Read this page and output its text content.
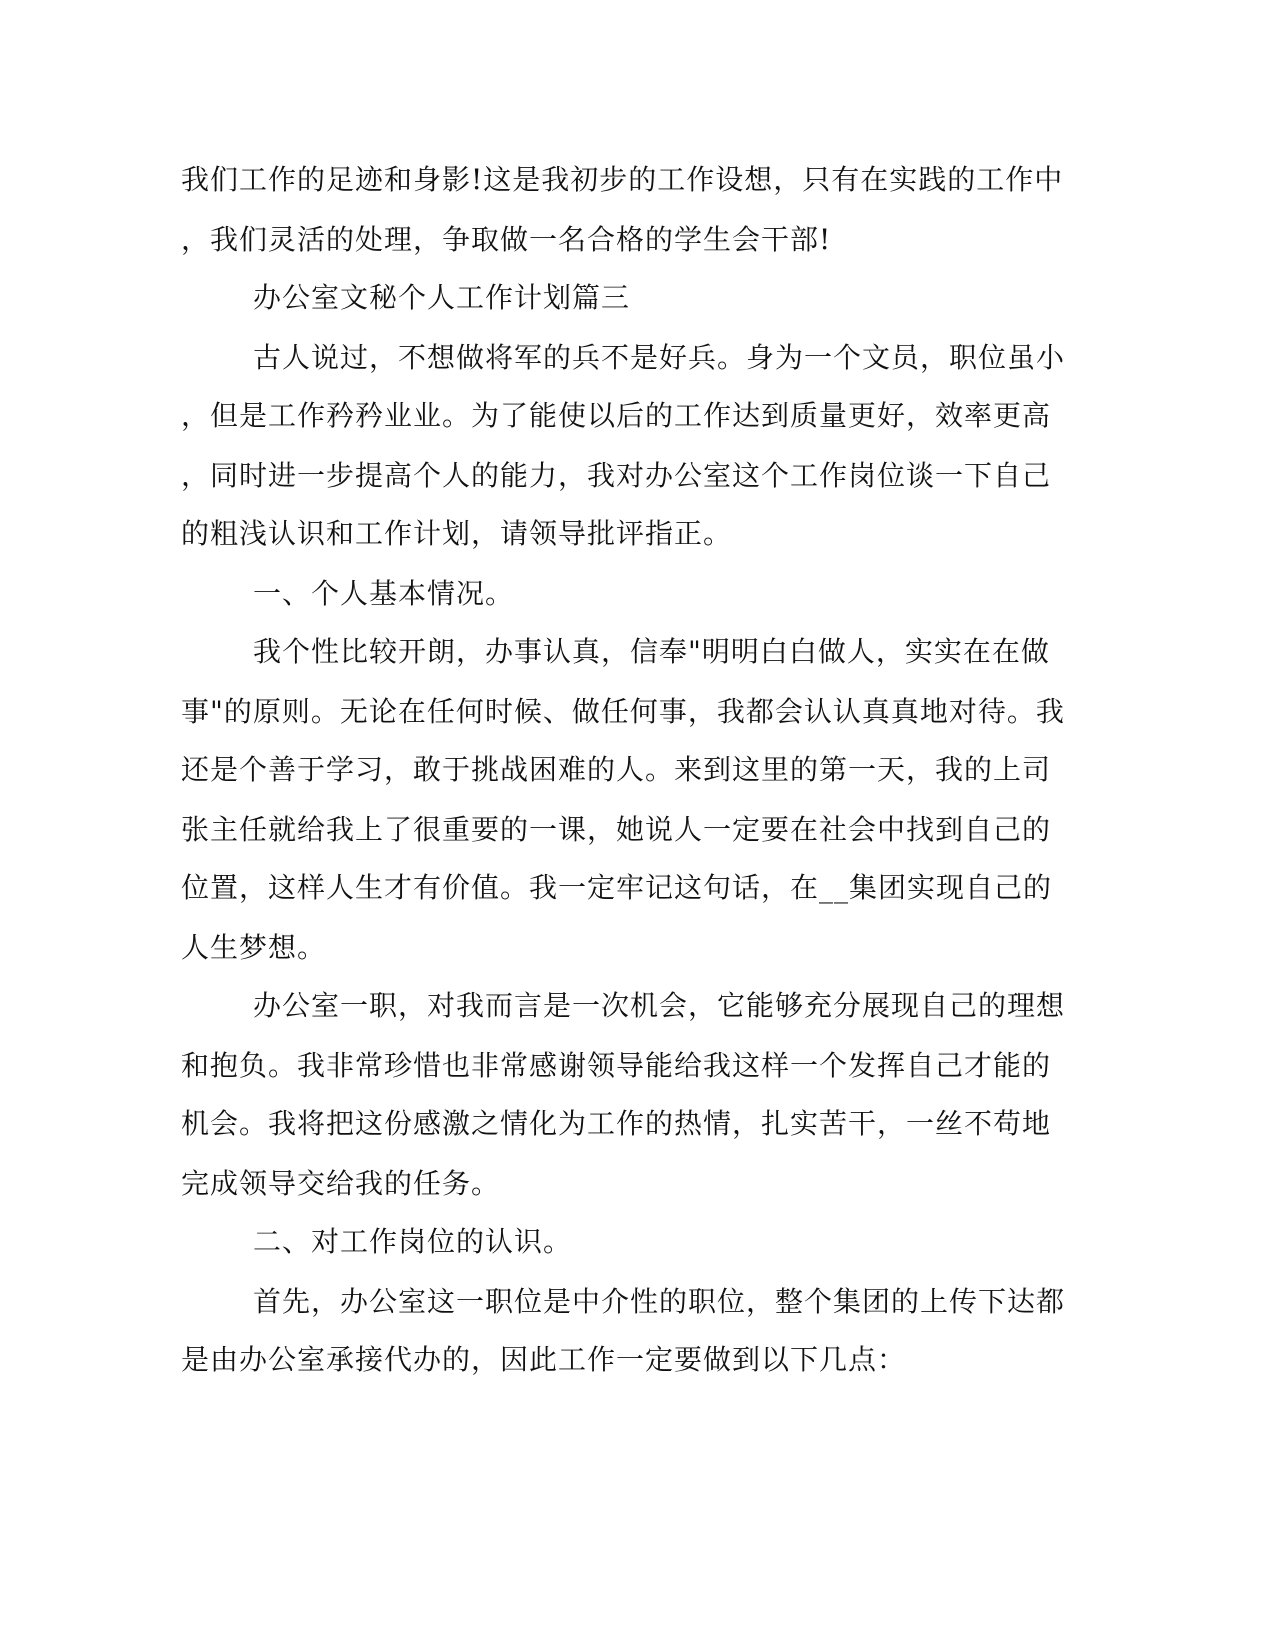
我们工作的足迹和身影!这是我初步的工作设想，只有在实践的工作中
，我们灵活的处理，争取做一名合格的学生会干部!
办公室文秘个人工作计划篇三
古人说过，不想做将军的兵不是好兵。身为一个文员，职位虽小
，但是工作矜矜业业。为了能使以后的工作达到质量更好，效率更高
，同时进一步提高个人的能力，我对办公室这个工作岗位谈一下自己
的粗浅认识和工作计划，请领导批评指正。
一、个人基本情况。
我个性比较开朗，办事认真，信奉"明明白白做人，实实在在做
事"的原则。无论在任何时候、做任何事，我都会认认真真地对待。我
还是个善于学习，敢于挑战困难的人。来到这里的第一天，我的上司
张主任就给我上了很重要的一课，她说人一定要在社会中找到自己的
位置，这样人生才有价值。我一定牢记这句话，在__集团实现自己的
人生梦想。
办公室一职，对我而言是一次机会，它能够充分展现自己的理想
和抱负。我非常珍惜也非常感谢领导能给我这样一个发挥自己才能的
机会。我将把这份感激之情化为工作的热情，扎实苦干，一丝不苟地
完成领导交给我的任务。
二、对工作岗位的认识。
首先，办公室这一职位是中介性的职位，整个集团的上传下达都
是由办公室承接代办的，因此工作一定要做到以下几点：
